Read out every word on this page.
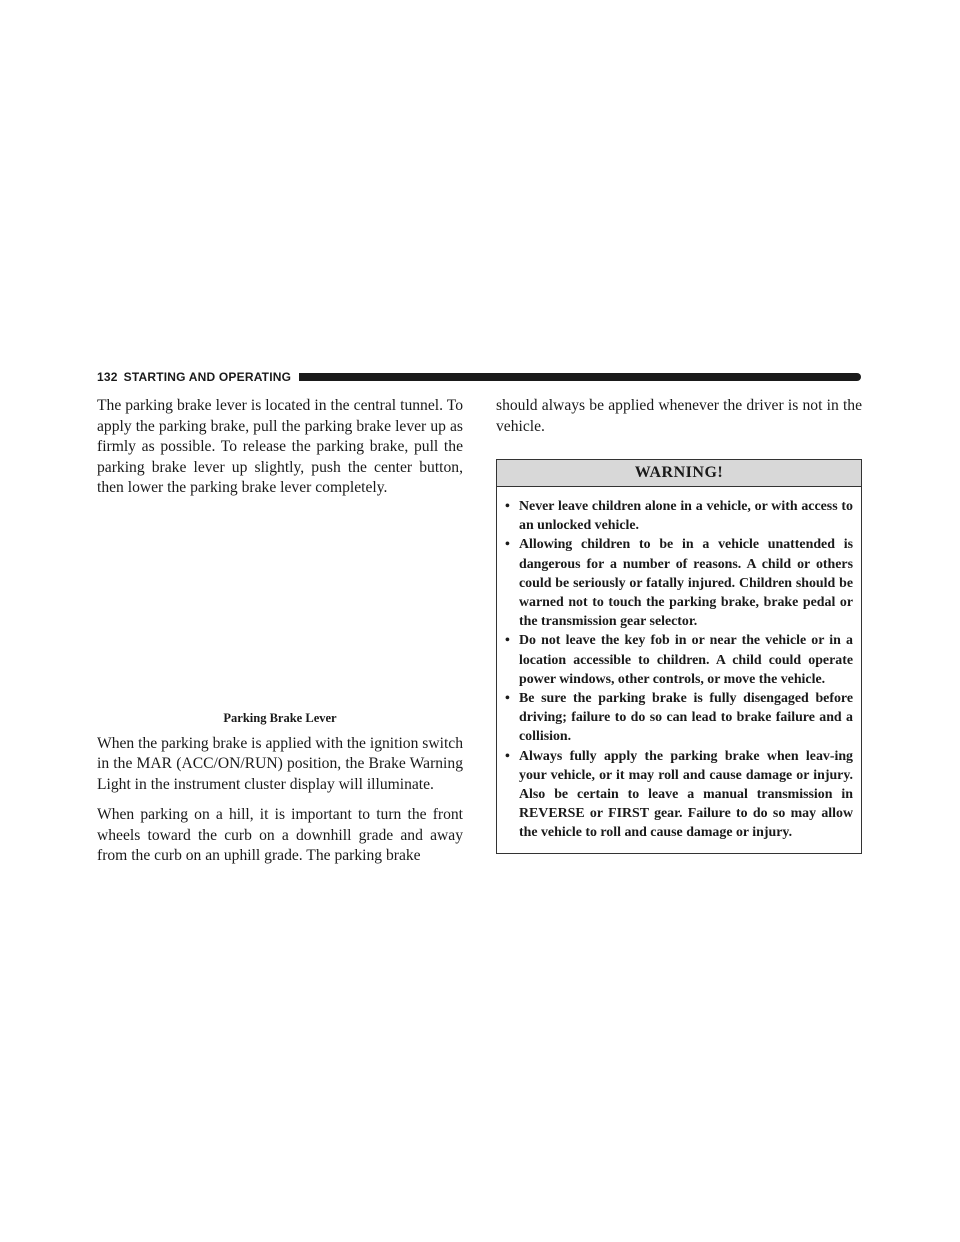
132 STARTING AND OPERATING

The parking brake lever is located in the central tunnel. To apply the parking brake, pull the parking brake lever up as firmly as possible. To release the parking brake, pull the parking brake lever up slightly, push the center button, then lower the parking brake lever completely.

Parking Brake Lever

When the parking brake is applied with the ignition switch in the MAR (ACC/ON/RUN) position, the Brake Warning Light in the instrument cluster display will illuminate.

When parking on a hill, it is important to turn the front wheels toward the curb on a downhill grade and away from the curb on an uphill grade. The parking brake

should always be applied whenever the driver is not in the vehicle.

WARNING!
• Never leave children alone in a vehicle, or with access to an unlocked vehicle.
• Allowing children to be in a vehicle unattended is dangerous for a number of reasons. A child or others could be seriously or fatally injured. Children should be warned not to touch the parking brake, brake pedal or the transmission gear selector.
• Do not leave the key fob in or near the vehicle or in a location accessible to children. A child could operate power windows, other controls, or move the vehicle.
• Be sure the parking brake is fully disengaged before driving; failure to do so can lead to brake failure and a collision.
• Always fully apply the parking brake when leav-ing your vehicle, or it may roll and cause damage or injury. Also be certain to leave a manual transmission in REVERSE or FIRST gear. Failure to do so may allow the vehicle to roll and cause damage or injury.
